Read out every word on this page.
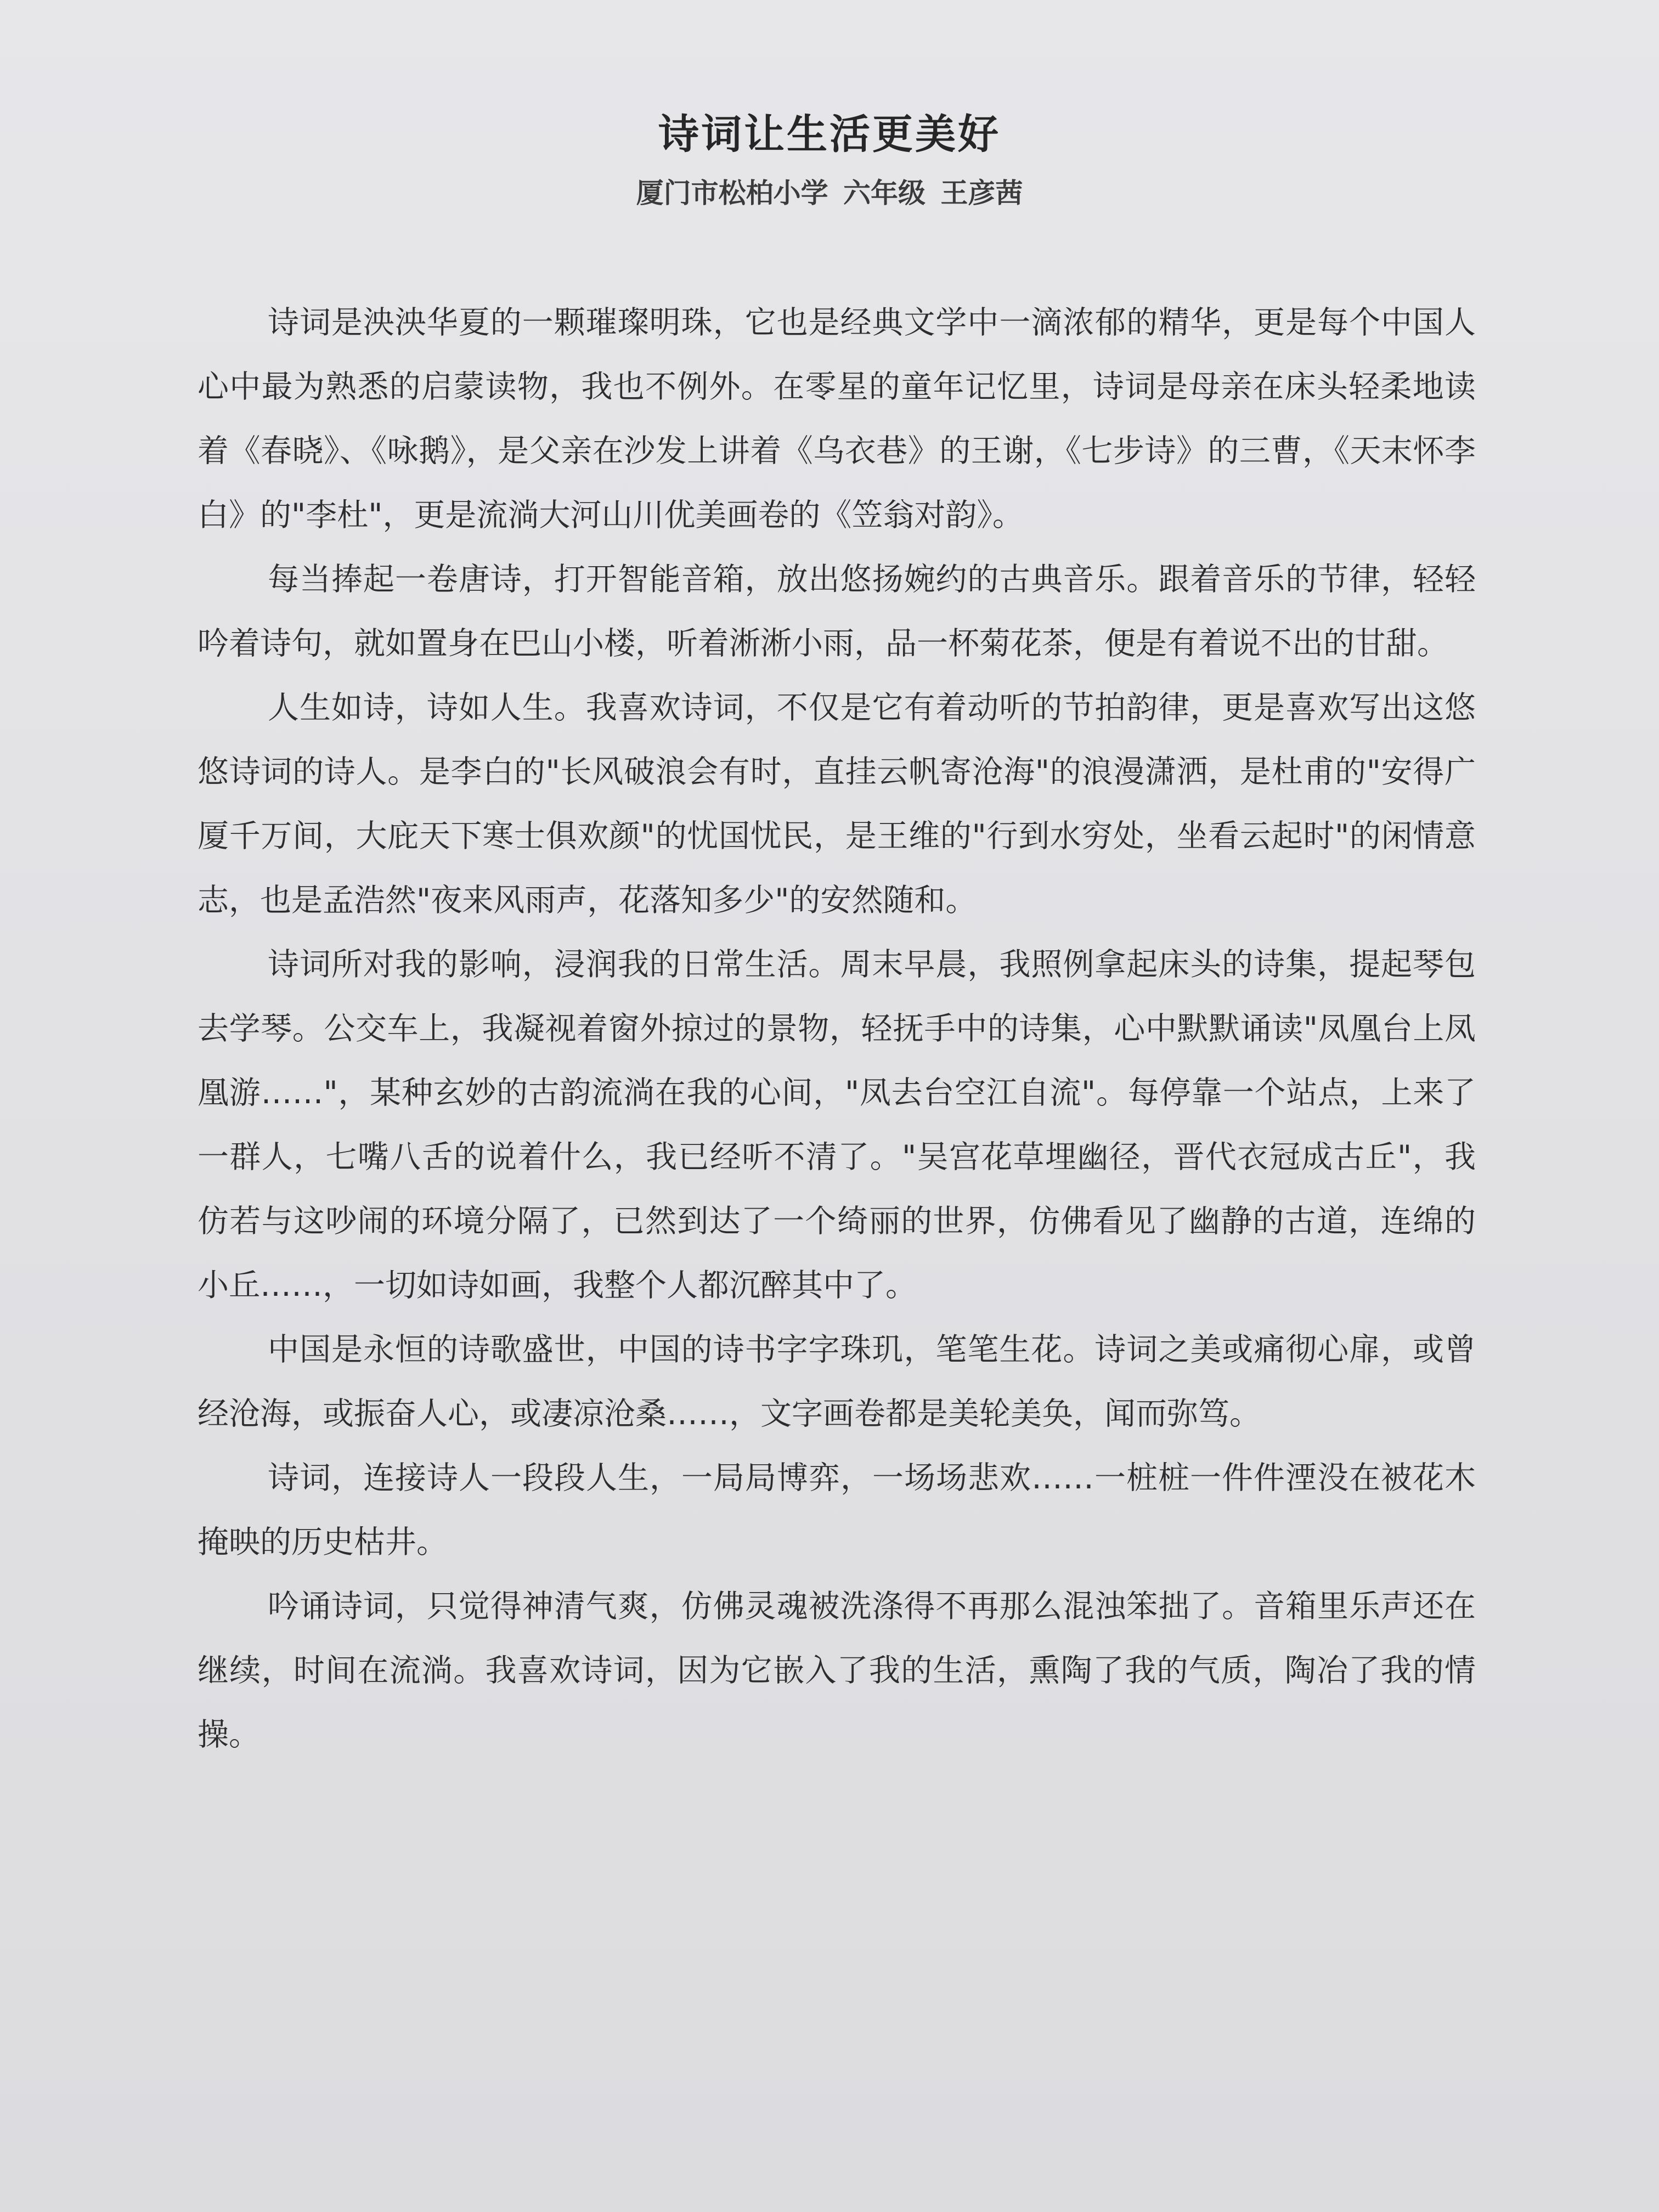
诗词让生活更美好
厦门市松柏小学 六年级 王彦茜

诗词是泱泱华夏的一颗璀璨明珠，它也是经典文学中一滴浓郁的精华，更是每个中国人心中最为熟悉的启蒙读物，我也不例外。在零星的童年记忆里，诗词是母亲在床头轻柔地读着《春晓》、《咏鹅》，是父亲在沙发上讲着《乌衣巷》的王谢，《七步诗》的三曹，《天末怀李白》的"李杜"，更是流淌大河山川优美画卷的《笠翁对韵》。

每当捧起一卷唐诗，打开智能音箱，放出悠扬婉约的古典音乐。跟着音乐的节律，轻轻吟着诗句，就如置身在巴山小楼，听着淅淅小雨，品一杯菊花茶，便是有着说不出的甘甜。

人生如诗，诗如人生。我喜欢诗词，不仅是它有着动听的节拍韵律，更是喜欢写出这悠悠诗词的诗人。是李白的"长风破浪会有时，直挂云帆寄沧海"的浪漫潇洒，是杜甫的"安得广厦千万间，大庇天下寒士俱欢颜"的忧国忧民，是王维的"行到水穷处，坐看云起时"的闲情意志，也是孟浩然"夜来风雨声，花落知多少"的安然随和。

诗词所对我的影响，浸润我的日常生活。周末早晨，我照例拿起床头的诗集，提起琴包去学琴。公交车上，我凝视着窗外掠过的景物，轻抚手中的诗集，心中默默诵读"凤凰台上凤凰游……"，某种玄妙的古韵流淌在我的心间，"凤去台空江自流"。每停靠一个站点，上来了一群人，七嘴八舌的说着什么，我已经听不清了。"吴宫花草埋幽径，晋代衣冠成古丘"，我仿若与这吵闹的环境分隔了，已然到达了一个绮丽的世界，仿佛看见了幽静的古道，连绵的小丘……，一切如诗如画，我整个人都沉醉其中了。

中国是永恒的诗歌盛世，中国的诗书字字珠玑，笔笔生花。诗词之美或痛彻心扉，或曾经沧海，或振奋人心，或凄凉沧桑……，文字画卷都是美轮美奂，闻而弥笃。

诗词，连接诗人一段段人生，一局局博弈，一场场悲欢……一桩桩一件件湮没在被花木掩映的历史枯井。

吟诵诗词，只觉得神清气爽，仿佛灵魂被洗涤得不再那么混浊笨拙了。音箱里乐声还在继续，时间在流淌。我喜欢诗词，因为它嵌入了我的生活，熏陶了我的气质，陶冶了我的情操。
